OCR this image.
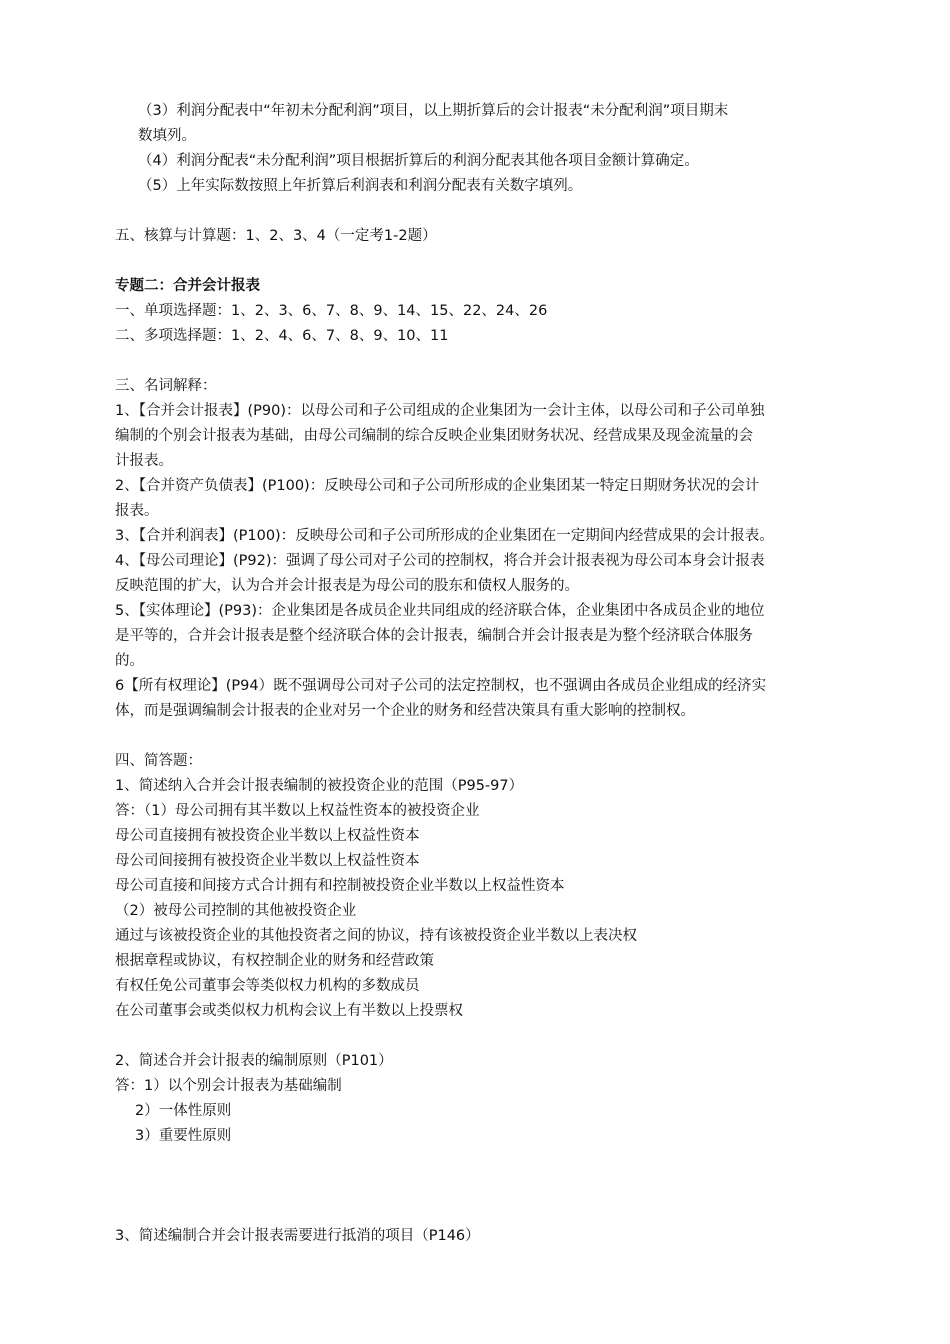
（3）利润分配表中“年初未分配利润”项目，以上期折算后的会计报表“未分配利润”项目期末
数填列。
（4）利润分配表“未分配利润”项目根据折算后的利润分配表其他各项目金额计算确定。
（5）上年实际数按照上年折算后利润表和利润分配表有关数字填列。
五、核算与计算题：1、2、3、4（一定考1-2题）
专题二：合并会计报表
一、单项选择题：1、2、3、6、7、8、9、14、15、22、24、26
二、多项选择题：1、2、4、6、7、8、9、10、11
三、名词解释：
1、【合并会计报表】(P90)：以母公司和子公司组成的企业集团为一会计主体，以母公司和子公司单独
编制的个别会计报表为基础，由母公司编制的综合反映企业集团财务状况、经营成果及现金流量的会
计报表。
2、【合并资产负债表】(P100)：反映母公司和子公司所形成的企业集团某一特定日期财务状况的会计
报表。
3、【合并利润表】(P100)：反映母公司和子公司所形成的企业集团在一定期间内经营成果的会计报表。
4、【母公司理论】(P92)：强调了母公司对子公司的控制权，将合并会计报表视为母公司本身会计报表
反映范围的扩大，认为合并会计报表是为母公司的股东和债权人服务的。
5、【实体理论】(P93)：企业集团是各成员企业共同组成的经济联合体，企业集团中各成员企业的地位
是平等的，合并会计报表是整个经济联合体的会计报表，编制合并会计报表是为整个经济联合体服务
的。
6【所有权理论】(P94）既不强调母公司对子公司的法定控制权，也不强调由各成员企业组成的经济实
体，而是强调编制会计报表的企业对另一个企业的财务和经营决策具有重大影响的控制权。
四、简答题：
1、简述纳入合并会计报表编制的被投资企业的范围（P95-97）
答：（1）母公司拥有其半数以上权益性资本的被投资企业
母公司直接拥有被投资企业半数以上权益性资本
母公司间接拥有被投资企业半数以上权益性资本
母公司直接和间接方式合计拥有和控制被投资企业半数以上权益性资本
（2）被母公司控制的其他被投资企业
通过与该被投资企业的其他投资者之间的协议，持有该被投资企业半数以上表决权
根据章程或协议，有权控制企业的财务和经营政策
有权任免公司董事会等类似权力机构的多数成员
在公司董事会或类似权力机构会议上有半数以上投票权
2、简述合并会计报表的编制原则（P101）
答：1）以个别会计报表为基础编制
2）一体性原则
3）重要性原则
3、简述编制合并会计报表需要进行抵消的项目（P146）
